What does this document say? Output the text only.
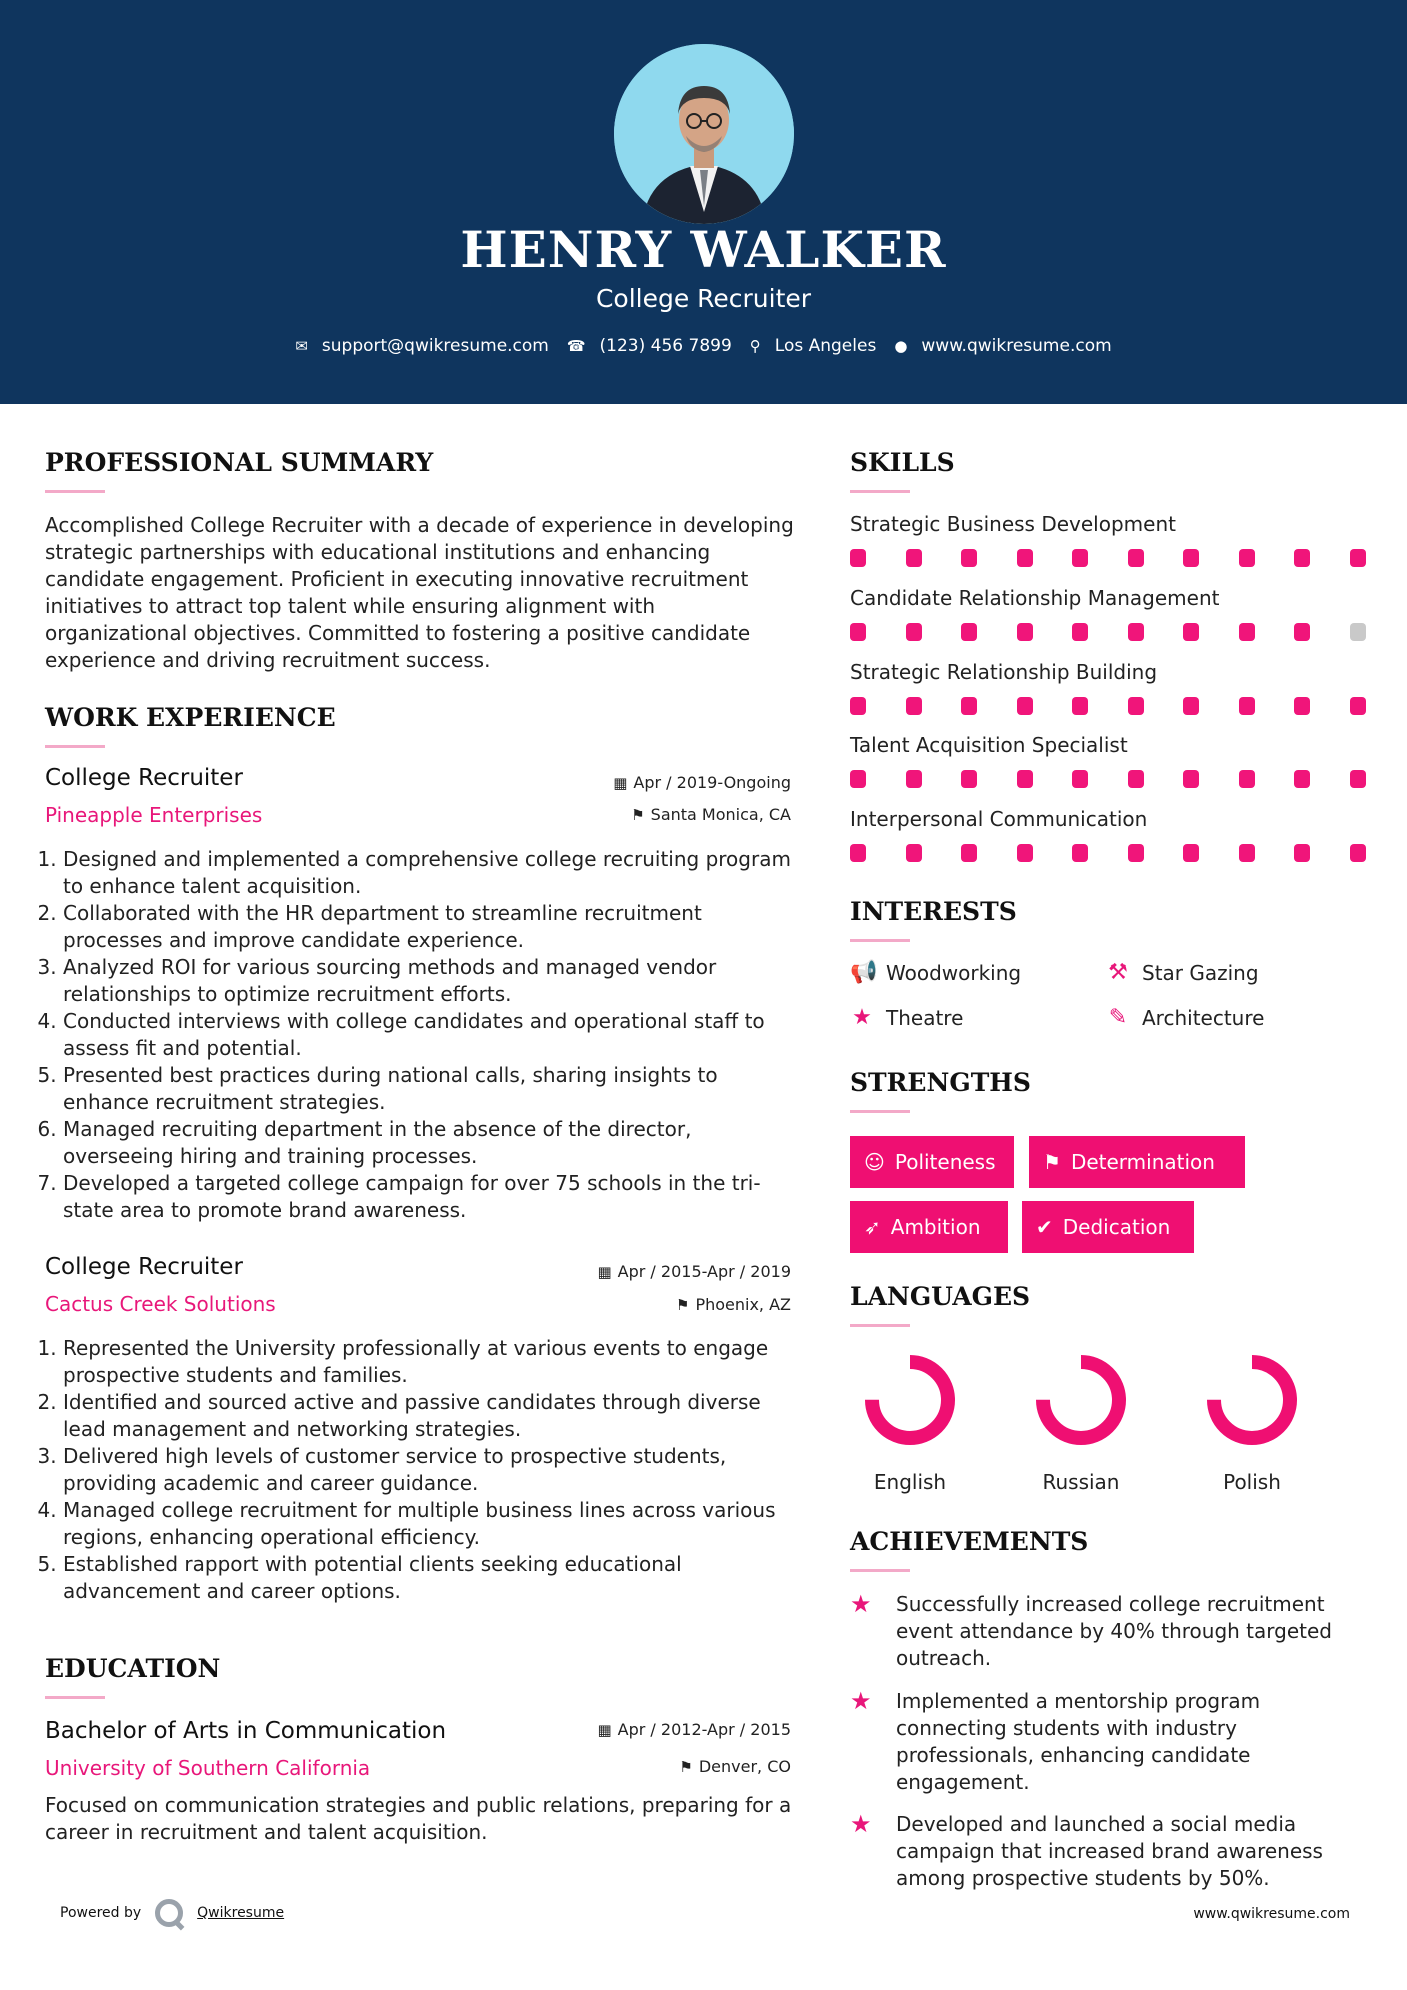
HENRY WALKER
College Recruiter
✉ support@qwikresume.com ☎ (123) 456 7899 ⚲ Los Angeles ● www.qwikresume.com
PROFESSIONAL SUMMARY
Accomplished College Recruiter with a decade of experience in developing strategic partnerships with educational institutions and enhancing candidate engagement. Proficient in executing innovative recruitment initiatives to attract top talent while ensuring alignment with organizational objectives. Committed to fostering a positive candidate experience and driving recruitment success.
WORK EXPERIENCE
College Recruiter
Pineapple Enterprises
▦ Apr / 2019-Ongoing
⚑ Santa Monica, CA
1. Designed and implemented a comprehensive college recruiting program to enhance talent acquisition.
2. Collaborated with the HR department to streamline recruitment processes and improve candidate experience.
3. Analyzed ROI for various sourcing methods and managed vendor relationships to optimize recruitment efforts.
4. Conducted interviews with college candidates and operational staff to assess fit and potential.
5. Presented best practices during national calls, sharing insights to enhance recruitment strategies.
6. Managed recruiting department in the absence of the director, overseeing hiring and training processes.
7. Developed a targeted college campaign for over 75 schools in the tri-state area to promote brand awareness.
College Recruiter
Cactus Creek Solutions
▦ Apr / 2015-Apr / 2019
⚑ Phoenix, AZ
1. Represented the University professionally at various events to engage prospective students and families.
2. Identified and sourced active and passive candidates through diverse lead management and networking strategies.
3. Delivered high levels of customer service to prospective students, providing academic and career guidance.
4. Managed college recruitment for multiple business lines across various regions, enhancing operational efficiency.
5. Established rapport with potential clients seeking educational advancement and career options.
EDUCATION
Bachelor of Arts in Communication
University of Southern California
▦ Apr / 2012-Apr / 2015
⚑ Denver, CO
Focused on communication strategies and public relations, preparing for a career in recruitment and talent acquisition.
SKILLS
Strategic Business Development
Candidate Relationship Management
Strategic Relationship Building
Talent Acquisition Specialist
Interpersonal Communication
INTERESTS
📢 Woodworking	⚒ Star Gazing
★ Theatre	✎ Architecture
STRENGTHS
☺ Politeness ⚑ Determination
➶ Ambition	✔ Dedication
LANGUAGES
English	Russian	Polish
ACHIEVEMENTS
★	Successfully increased college recruitment event attendance by 40% through targeted outreach.
★	Implemented a mentorship program connecting students with industry professionals, enhancing candidate engagement.
★	Developed and launched a social media campaign that increased brand awareness among prospective students by 50%.
Powered by	Qwikresume	www.qwikresume.com
